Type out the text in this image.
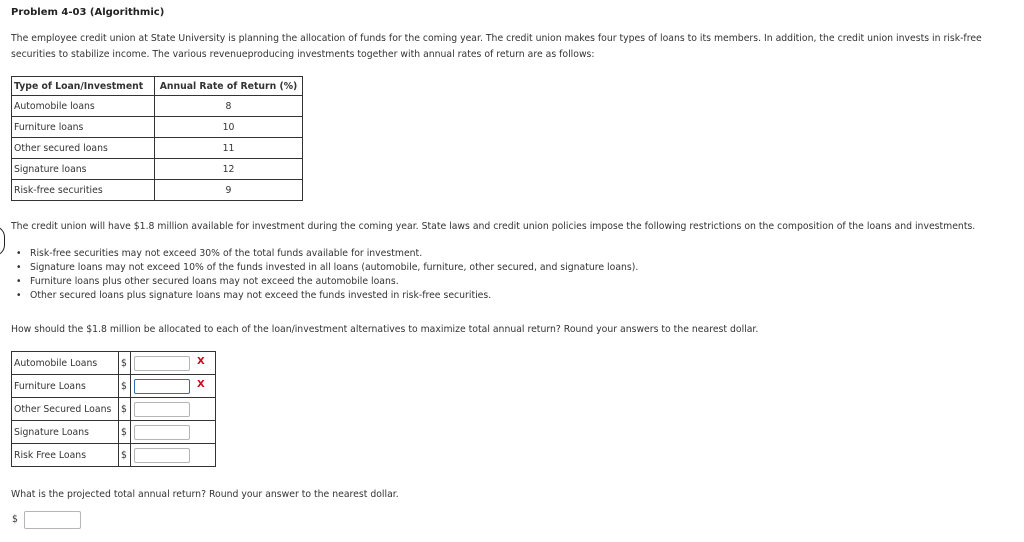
Problem 4-03 (Algorithmic)
The employee credit union at State University is planning the allocation of funds for the coming year. The credit union makes four types of loans to its members. In addition, the credit union invests in risk-free securities to stabilize income. The various revenueproducing investments together with annual rates of return are as follows:
Type of Loan/Investment	Annual Rate of Return (%)
Automobile loans	8
Furniture loans	10
Other secured loans	11
Signature loans	12
Risk-free securities	9
The credit union will have $1.8 million available for investment during the coming year. State laws and credit union policies impose the following restrictions on the composition of the loans and investments.
• Risk-free securities may not exceed 30% of the total funds available for investment.
• Signature loans may not exceed 10% of the funds invested in all loans (automobile, furniture, other secured, and signature loans).
• Furniture loans plus other secured loans may not exceed the automobile loans.
• Other secured loans plus signature loans may not exceed the funds invested in risk-free securities.
How should the $1.8 million be allocated to each of the loan/investment alternatives to maximize total annual return? Round your answers to the nearest dollar.
Automobile Loans	$	X

Furniture Loans	$	X

Other Secured Loans	$	

Signature Loans	$	

Risk Free Loans	$	
What is the projected total annual return? Round your answer to the nearest dollar.
$
